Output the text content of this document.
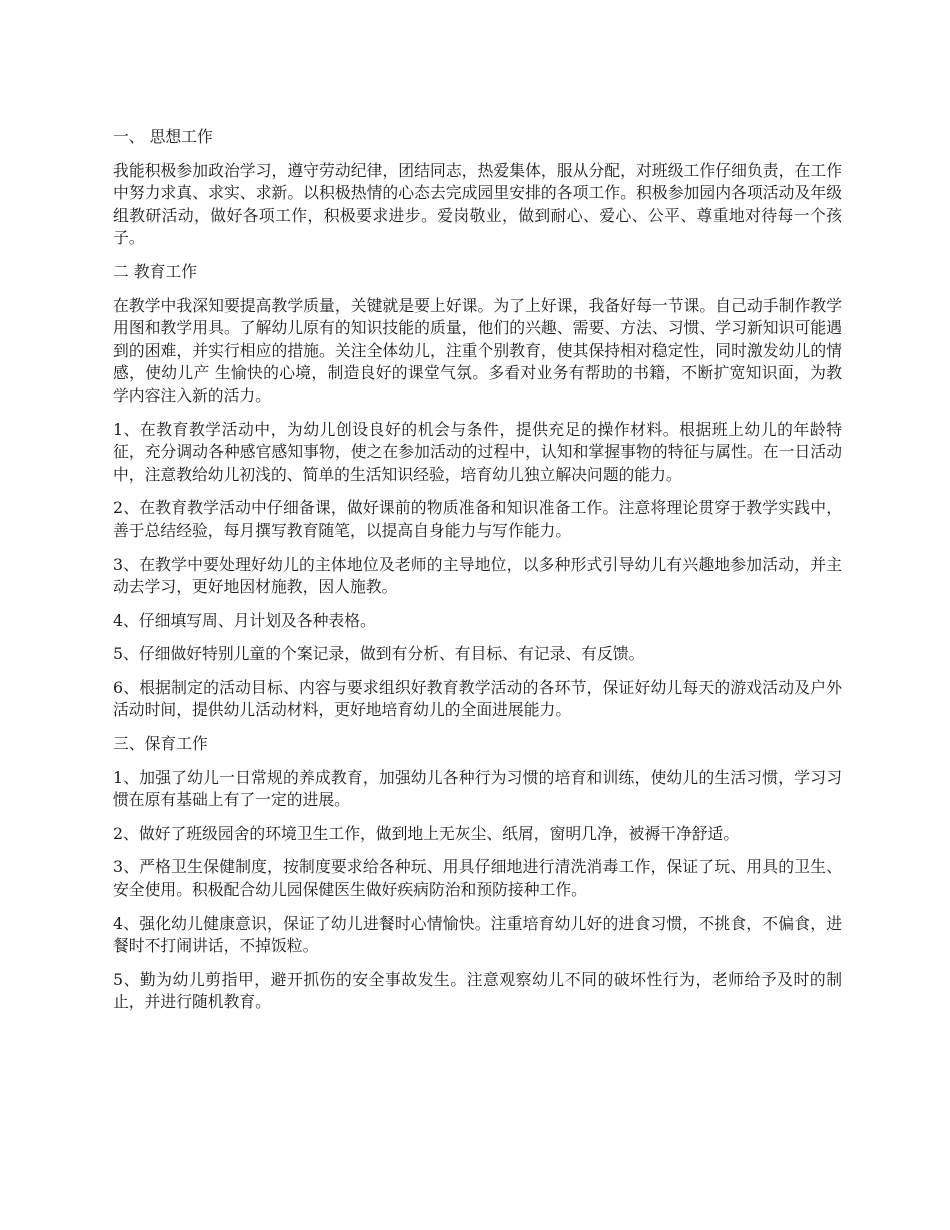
一、 思想工作
我能积极参加政治学习，遵守劳动纪律，团结同志，热爱集体，服从分配，对班级工作仔细负责，在工作中努力求真、求实、求新。以积极热情的心态去完成园里安排的各项工作。积极参加园内各项活动及年级组教研活动，做好各项工作，积极要求进步。爱岗敬业，做到耐心、爱心、公平、尊重地对待每一个孩子。
二 教育工作
在教学中我深知要提高教学质量，关键就是要上好课。为了上好课，我备好每一节课。自己动手制作教学用图和教学用具。了解幼儿原有的知识技能的质量，他们的兴趣、需要、方法、习惯、学习新知识可能遇到的困难，并实行相应的措施。关注全体幼儿，注重个别教育，使其保持相对稳定性，同时激发幼儿的情感，使幼儿产 生愉快的心境，制造良好的课堂气氛。多看对业务有帮助的书籍，不断扩宽知识面，为教学内容注入新的活力。
1、在教育教学活动中，为幼儿创设良好的机会与条件，提供充足的操作材料。根据班上幼儿的年龄特征，充分调动各种感官感知事物，使之在参加活动的过程中，认知和掌握事物的特征与属性。在一日活动中，注意教给幼儿初浅的、简单的生活知识经验，培育幼儿独立解决问题的能力。
2、在教育教学活动中仔细备课，做好课前的物质准备和知识准备工作。注意将理论贯穿于教学实践中，善于总结经验，每月撰写教育随笔，以提高自身能力与写作能力。
3、在教学中要处理好幼儿的主体地位及老师的主导地位，以多种形式引导幼儿有兴趣地参加活动，并主动去学习，更好地因材施教，因人施教。
4、仔细填写周、月计划及各种表格。
5、仔细做好特别儿童的个案记录，做到有分析、有目标、有记录、有反馈。
6、根据制定的活动目标、内容与要求组织好教育教学活动的各环节，保证好幼儿每天的游戏活动及户外活动时间，提供幼儿活动材料，更好地培育幼儿的全面进展能力。
三、保育工作
1、加强了幼儿一日常规的养成教育，加强幼儿各种行为习惯的培育和训练，使幼儿的生活习惯，学习习惯在原有基础上有了一定的进展。
2、做好了班级园舍的环境卫生工作，做到地上无灰尘、纸屑，窗明几净，被褥干净舒适。
3、严格卫生保健制度，按制度要求给各种玩、用具仔细地进行清洗消毒工作，保证了玩、用具的卫生、安全使用。积极配合幼儿园保健医生做好疾病防治和预防接种工作。
4、强化幼儿健康意识，保证了幼儿进餐时心情愉快。注重培育幼儿好的进食习惯，不挑食，不偏食，进餐时不打闹讲话，不掉饭粒。
5、勤为幼儿剪指甲，避开抓伤的安全事故发生。注意观察幼儿不同的破坏性行为，老师给予及时的制止，并进行随机教育。
